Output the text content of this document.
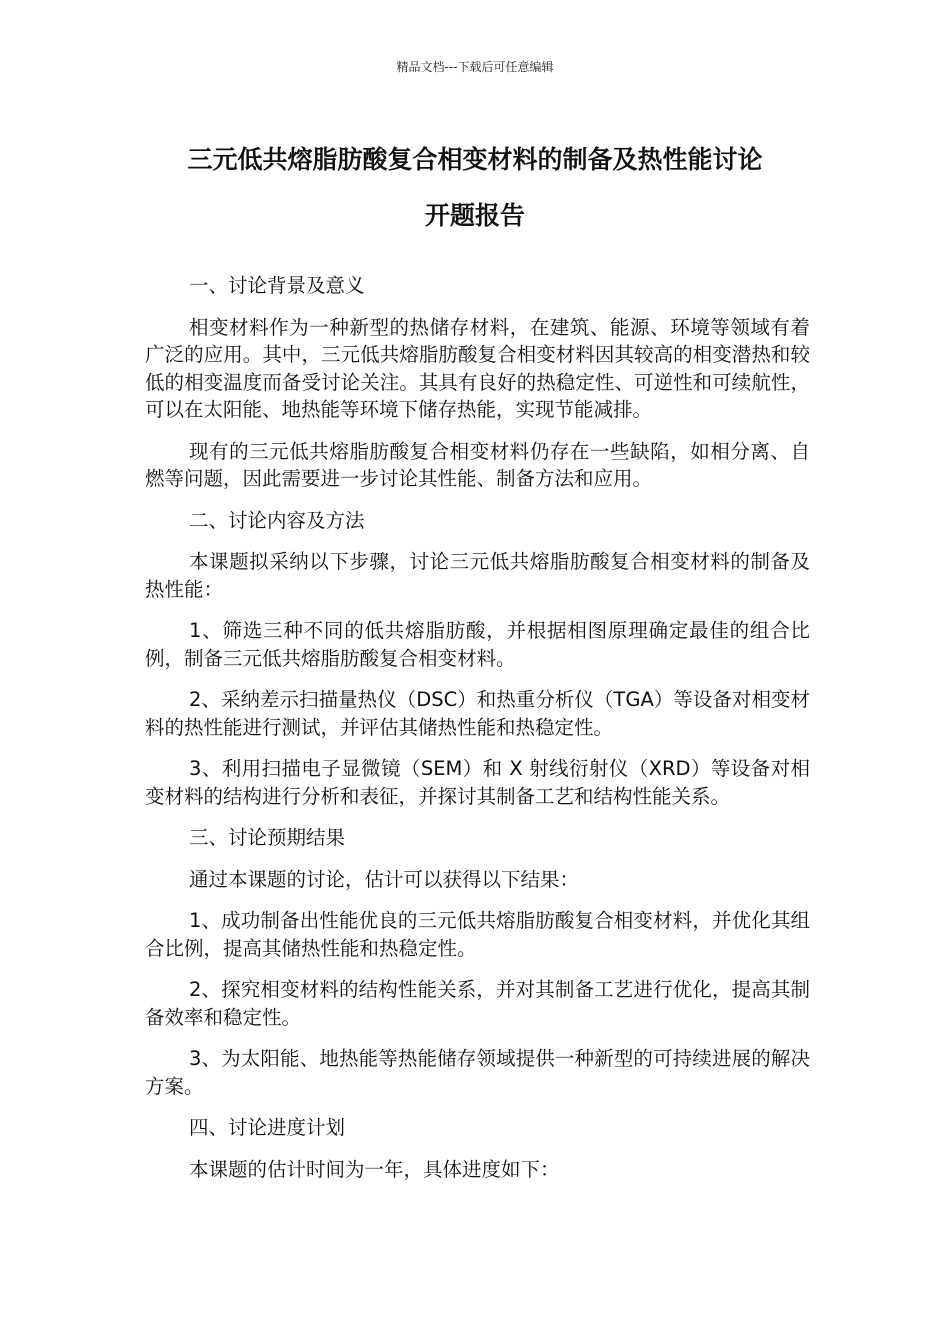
精品文档---下载后可任意编辑
三元低共熔脂肪酸复合相变材料的制备及热性能讨论
开题报告

一、讨论背景及意义

相变材料作为一种新型的热储存材料，在建筑、能源、环境等领域有着广泛的应用。其中，三元低共熔脂肪酸复合相变材料因其较高的相变潜热和较低的相变温度而备受讨论关注。其具有良好的热稳定性、可逆性和可续航性，可以在太阳能、地热能等环境下储存热能，实现节能减排。

现有的三元低共熔脂肪酸复合相变材料仍存在一些缺陷，如相分离、自燃等问题，因此需要进一步讨论其性能、制备方法和应用。

二、讨论内容及方法

本课题拟采纳以下步骤，讨论三元低共熔脂肪酸复合相变材料的制备及热性能：

1、筛选三种不同的低共熔脂肪酸，并根据相图原理确定最佳的组合比例，制备三元低共熔脂肪酸复合相变材料。

2、采纳差示扫描量热仪（DSC）和热重分析仪（TGA）等设备对相变材料的热性能进行测试，并评估其储热性能和热稳定性。

3、利用扫描电子显微镜（SEM）和 X 射线衍射仪（XRD）等设备对相变材料的结构进行分析和表征，并探讨其制备工艺和结构性能关系。

三、讨论预期结果

通过本课题的讨论，估计可以获得以下结果：

1、成功制备出性能优良的三元低共熔脂肪酸复合相变材料，并优化其组合比例，提高其储热性能和热稳定性。

2、探究相变材料的结构性能关系，并对其制备工艺进行优化，提高其制备效率和稳定性。

3、为太阳能、地热能等热能储存领域提供一种新型的可持续进展的解决方案。

四、讨论进度计划

本课题的估计时间为一年，具体进度如下：
